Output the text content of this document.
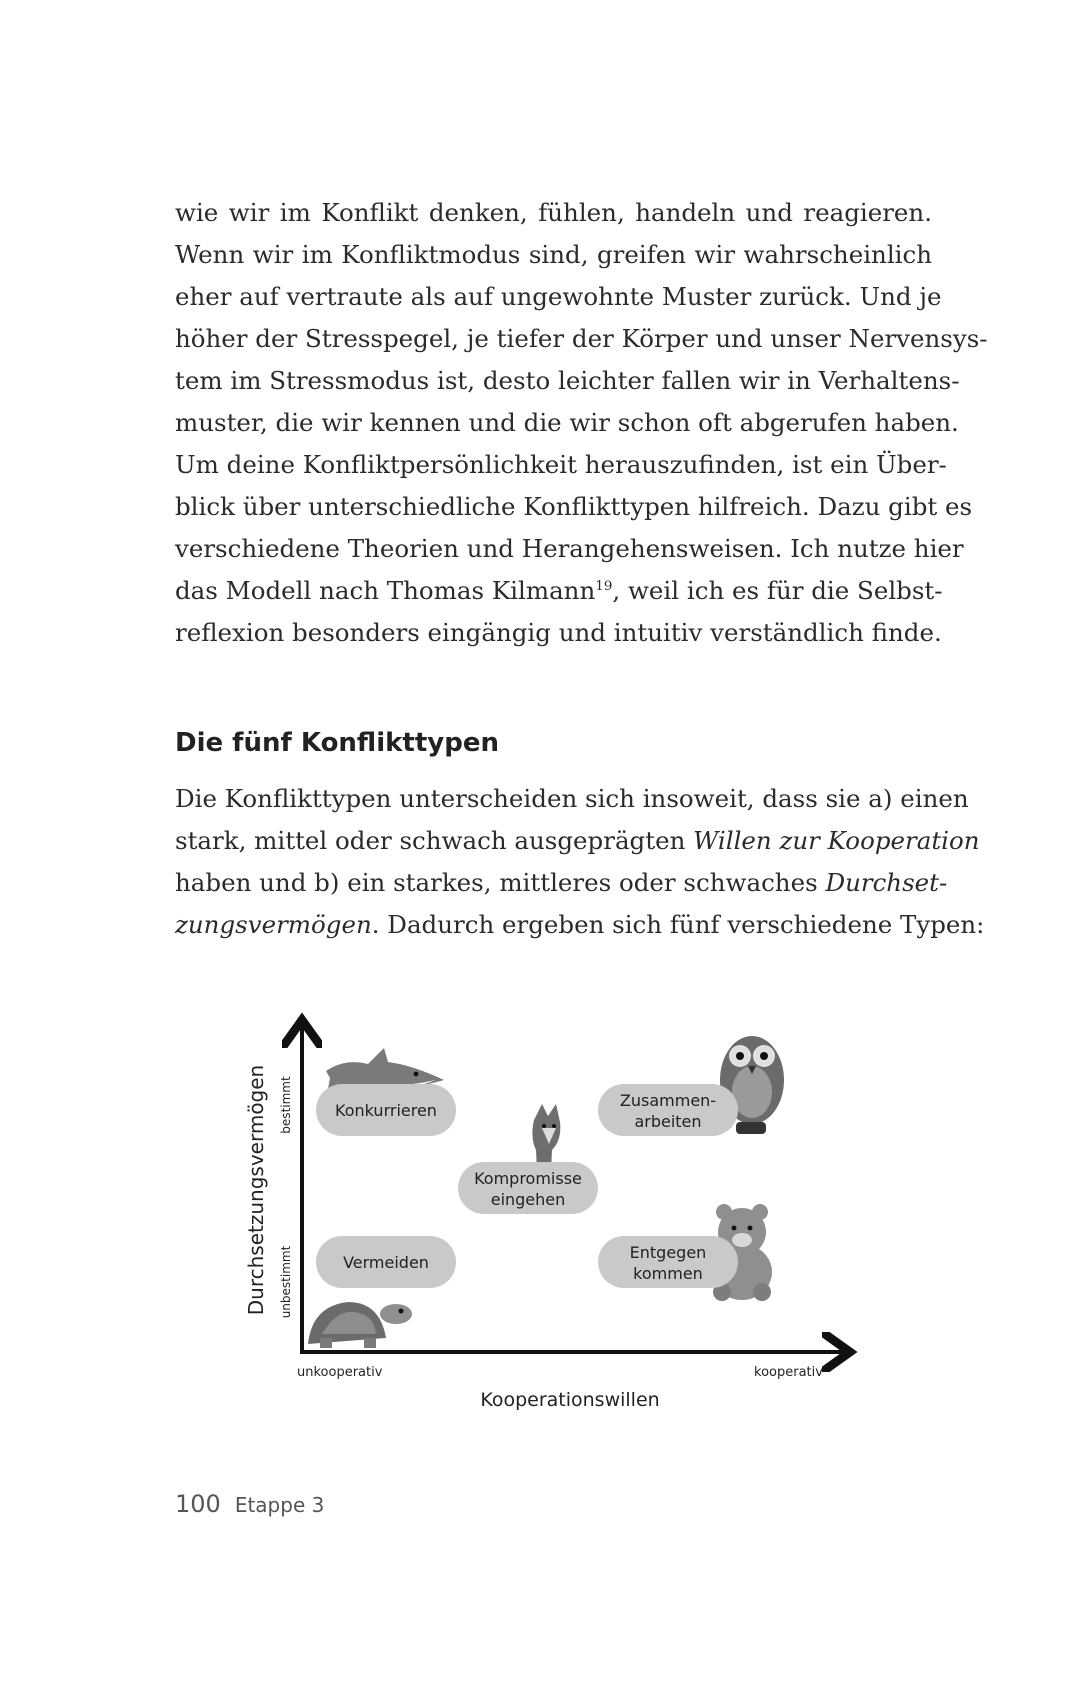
wie wir im Konflikt denken, fühlen, handeln und reagieren.
Wenn wir im Konfliktmodus sind, greifen wir wahrscheinlich
eher auf vertraute als auf ungewohnte Muster zurück. Und je
höher der Stresspegel, je tiefer der Körper und unser Nervensys-
tem im Stressmodus ist, desto leichter fallen wir in Verhaltens-
muster, die wir kennen und die wir schon oft abgerufen haben.
Um deine Konfliktpersönlichkeit herauszufinden, ist ein Über-
blick über unterschiedliche Konflikttypen hilfreich. Dazu gibt es
verschiedene Theorien und Herangehensweisen. Ich nutze hier
das Modell nach Thomas Kilmann$^{19}$, weil ich es für die Selbst-
reflexion besonders eingängig und intuitiv verständlich finde.
Die fünf Konflikttypen
Die Konflikttypen unterscheiden sich insoweit, dass sie a) einen
stark, mittel oder schwach ausgeprägten Willen zur Kooperation
haben und b) ein starkes, mittleres oder schwaches Durchset-
zungsvermögen. Dadurch ergeben sich fünf verschiedene Typen:
Durchsetzungsvermögen bestimmt
unbestimmt
unkooperativ	kooperativ
Kooperationswillen
Konkurrieren
Zusammen-
arbeiten
Kompromisse
eingehen
Vermeiden
Entgegen
kommen
100 Etappe 3
